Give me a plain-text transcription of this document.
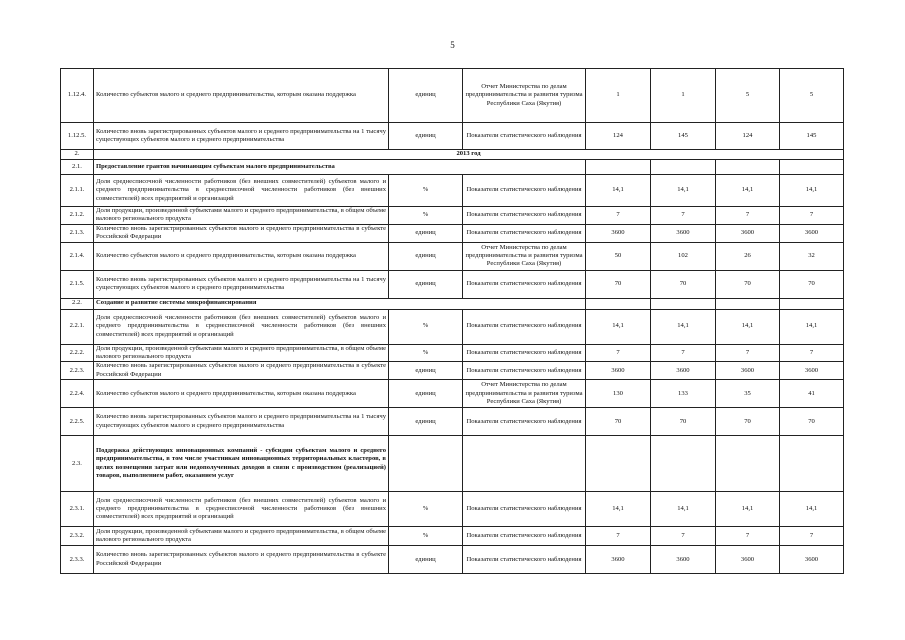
5
1.12.4.	Количество субъектов малого и среднего предпринимательства, которым оказана поддержка	единиц	Отчет Министерства по делам предпринимательства и развития туризма Республики Саха (Якутия)	1	1	5	5	
1.12.5.	Количество вновь зарегистрированных субъектов малого и среднего предпринимательства на 1 тысячу существующих субъектов малого и среднего предпринимательства	единиц	Показатели статистического наблюдения	124	145	124	145	
2.	2013 год							
2.1.	Предоставление грантов начинающим субъектам малого предпринимательства							
2.1.1.	Доля среднесписочной численности работников (без внешних совместителей) субъектов малого и среднего предпринимательства в среднесписочной численности работников (без внешних совместителей) всех предприятий и организаций	%	Показатели статистического наблюдения	14,1	14,1	14,1	14,1	
2.1.2.	Доля продукции, произведенной субъектами малого и среднего предпринимательства, в общем объеме валового регионального продукта	%	Показатели статистического наблюдения	7	7	7	7	
2.1.3.	Количество вновь зарегистрированных субъектов малого и среднего предпринимательства в субъекте Российской Федерации	единиц	Показатели статистического наблюдения	3600	3600	3600	3600	
2.1.4.	Количество субъектов малого и среднего предпринимательства, которым оказана поддержка	единиц	Отчет Министерства по делам предпринимательства и развития туризма Республики Саха (Якутия)	50	102	26	32	
2.1.5.	Количество вновь зарегистрированных субъектов малого и среднего предпринимательства на 1 тысячу существующих субъектов малого и среднего предпринимательства	единиц	Показатели статистического наблюдения	70	70	70	70	
2.2.	Создание и развитие системы микрофинансирования							
2.2.1.	Доля среднесписочной численности работников (без внешних совместителей) субъектов малого и среднего предпринимательства в среднесписочной численности работников (без внешних совместителей) всех предприятий и организаций	%	Показатели статистического наблюдения	14,1	14,1	14,1	14,1	
2.2.2.	Доля продукции, произведенной субъектами малого и среднего предпринимательства, в общем объеме валового регионального продукта	%	Показатели статистического наблюдения	7	7	7	7	
2.2.3.	Количество вновь зарегистрированных субъектов малого и среднего предпринимательства в субъекте Российской Федерации	единиц	Показатели статистического наблюдения	3600	3600	3600	3600	
2.2.4.	Количество субъектов малого и среднего предпринимательства, которым оказана поддержка	единиц	Отчет Министерства по делам предпринимательства и развития туризма Республики Саха (Якутия)	130	133	35	41	
2.2.5.	Количество вновь зарегистрированных субъектов малого и среднего предпринимательства на 1 тысячу существующих субъектов малого и среднего предпринимательства	единиц	Показатели статистического наблюдения	70	70	70	70	
2.3.	Поддержка действующих инновационных компаний - субсидии субъектам малого и среднего предпринимательства, в том числе участникам инновационных территориальных кластеров, в целях возмещения затрат или недополученных доходов в связи с производством (реализацией) товаров, выполнением работ, оказанием услуг							
2.3.1.	Доля среднесписочной численности работников (без внешних совместителей) субъектов малого и среднего предпринимательства в среднесписочной численности работников (без внешних совместителей) всех предприятий и организаций	%	Показатели статистического наблюдения	14,1	14,1	14,1	14,1	
2.3.2.	Доля продукции, произведенной субъектами малого и среднего предпринимательства, в общем объеме валового регионального продукта	%	Показатели статистического наблюдения	7	7	7	7	
2.3.3.	Количество вновь зарегистрированных субъектов малого и среднего предпринимательства в субъекте Российской Федерации	единиц	Показатели статистического наблюдения	3600	3600	3600	3600	
